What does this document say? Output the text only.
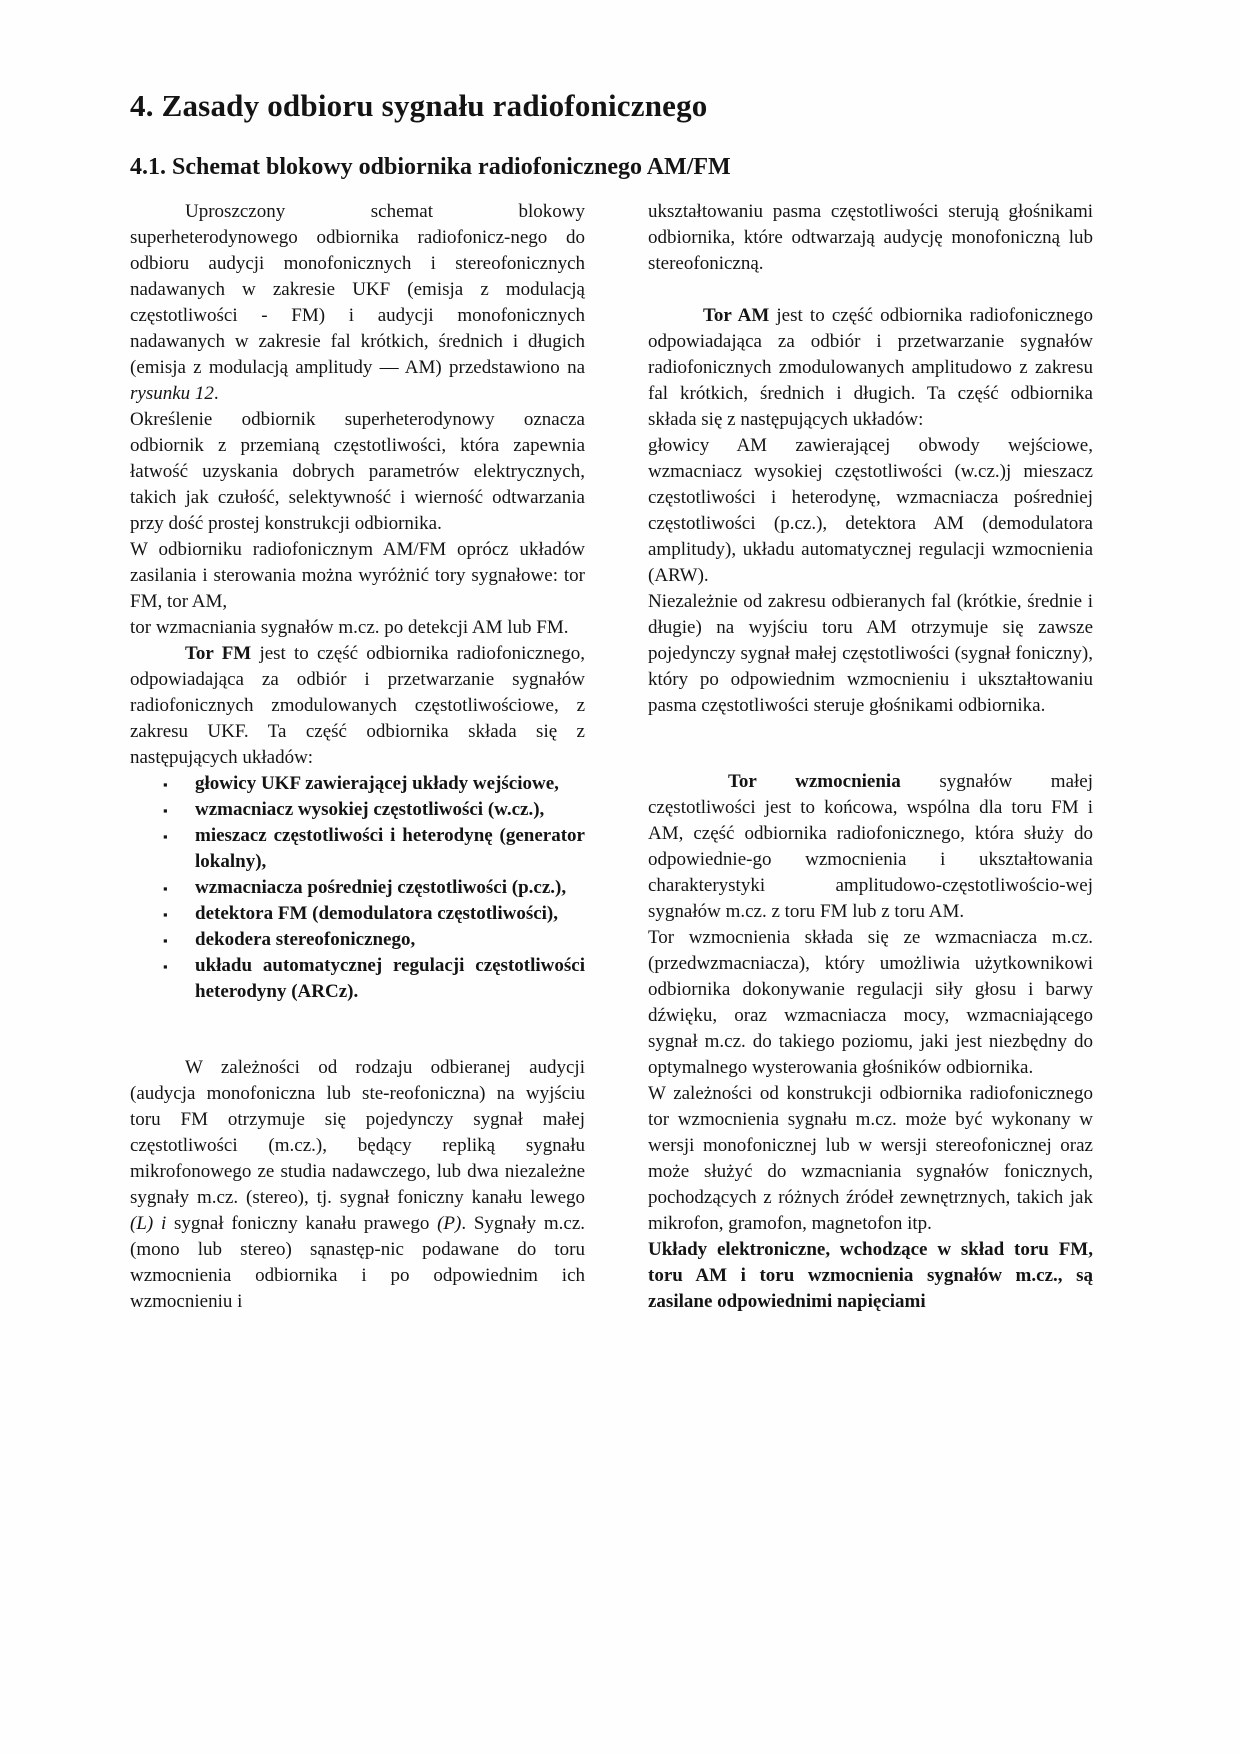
4. Zasady odbioru sygnału radiofonicznego
4.1. Schemat blokowy odbiornika radiofonicznego AM/FM

Uproszczony schemat blokowy superheterodynowego odbiornika radiofonicz-nego do odbioru audycji monofonicznych i stereofonicznych nadawanych w zakresie UKF (emisja z modulacją częstotliwości - FM) i audycji monofonicznych nadawanych w zakresie fal krótkich, średnich i długich (emisja z modulacją amplitudy — AM) przedstawiono na rysunku 12.

Określenie odbiornik superheterodynowy oznacza odbiornik z przemianą częstotliwości, która zapewnia łatwość uzyskania dobrych parametrów elektrycznych, takich jak czułość, selektywność i wierność odtwarzania przy dość prostej konstrukcji odbiornika.

W odbiorniku radiofonicznym AM/FM oprócz układów zasilania i sterowania można wyróżnić tory sygnałowe: tor FM, tor AM,

tor wzmacniania sygnałów m.cz. po detekcji AM lub FM.

Tor FM jest to część odbiornika radiofonicznego, odpowiadająca za odbiór i przetwarzanie sygnałów radiofonicznych zmodulowanych częstotliwościowe, z zakresu UKF. Ta część odbiornika składa się z następujących układów:

▪ głowicy UKF zawierającej układy wejściowe,
▪ wzmacniacz wysokiej częstotliwości (w.cz.),
▪ mieszacz częstotliwości i heterodynę (generator lokalny),
▪ wzmacniacza pośredniej częstotliwości (p.cz.),
▪ detektora FM (demodulatora częstotliwości),
▪ dekodera stereofonicznego,
▪ układu automatycznej regulacji częstotliwości heterodyny (ARCz).

W zależności od rodzaju odbieranej audycji (audycja monofoniczna lub ste-reofoniczna) na wyjściu toru FM otrzymuje się pojedynczy sygnał małej częstotliwości (m.cz.), będący repliką sygnału mikrofonowego ze studia nadawczego, lub dwa niezależne sygnały m.cz. (stereo), tj. sygnał foniczny kanału lewego (L) i sygnał foniczny kanału prawego (P). Sygnały m.cz. (mono lub stereo) sąnastęp-nic podawane do toru wzmocnienia odbiornika i po odpowiednim ich wzmocnieniu i

ukształtowaniu pasma częstotliwości sterują głośnikami odbiornika, które odtwarzają audycję monofoniczną lub stereofoniczną.

Tor AM jest to część odbiornika radiofonicznego odpowiadająca za odbiór i przetwarzanie sygnałów radiofonicznych zmodulowanych amplitudowo z zakresu fal krótkich, średnich i długich. Ta część odbiornika składa się z następujących układów:

głowicy AM zawierającej obwody wejściowe, wzmacniacz wysokiej częstotliwości (w.cz.)j mieszacz częstotliwości i heterodynę, wzmacniacza pośredniej częstotliwości (p.cz.), detektora AM (demodulatora amplitudy), układu automatycznej regulacji wzmocnienia (ARW).

Niezależnie od zakresu odbieranych fal (krótkie, średnie i długie) na wyjściu toru AM otrzymuje się zawsze pojedynczy sygnał małej częstotliwości (sygnał foniczny), który po odpowiednim wzmocnieniu i ukształtowaniu pasma częstotliwości steruje głośnikami odbiornika.

Tor wzmocnienia sygnałów małej częstotliwości jest to końcowa, wspólna dla toru FM i AM, część odbiornika radiofonicznego, która służy do odpowiednie-go wzmocnienia i ukształtowania charakterystyki amplitudowo-częstotliwościo-wej sygnałów m.cz. z toru FM lub z toru AM.

Tor wzmocnienia składa się ze wzmacniacza m.cz. (przedwzmacniacza), który umożliwia użytkownikowi odbiornika dokonywanie regulacji siły głosu i barwy dźwięku, oraz wzmacniacza mocy, wzmacniającego sygnał m.cz. do takiego poziomu, jaki jest niezbędny do optymalnego wysterowania głośników odbiornika.

W zależności od konstrukcji odbiornika radiofonicznego tor wzmocnienia sygnału m.cz. może być wykonany w wersji monofonicznej lub w wersji stereofonicznej oraz może służyć do wzmacniania sygnałów fonicznych, pochodzących z różnych źródeł zewnętrznych, takich jak mikrofon, gramofon, magnetofon itp.

Układy elektroniczne, wchodzące w skład toru FM, toru AM i toru wzmocnienia sygnałów m.cz., są zasilane odpowiednimi napięciami
